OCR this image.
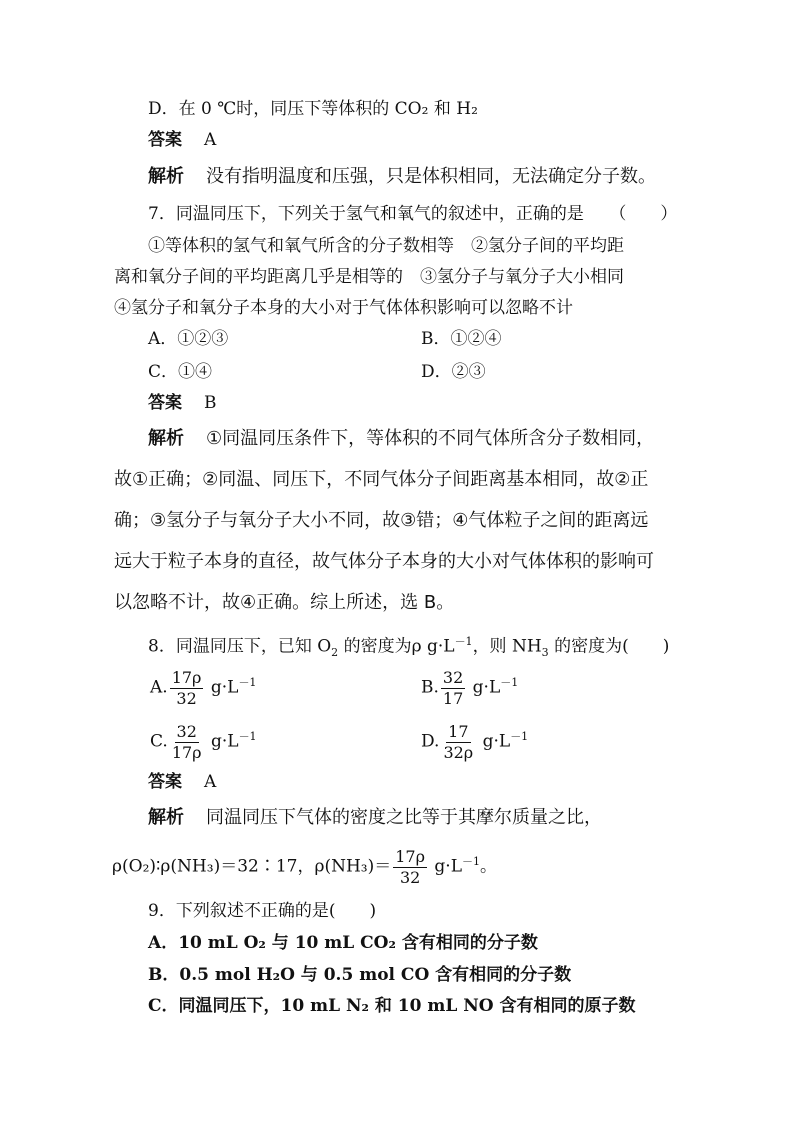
D．在 0 ℃时，同压下等体积的 CO₂ 和 H₂
答案 A
解析 没有指明温度和压强，只是体积相同，无法确定分子数。
7．同温同压下，下列关于氢气和氧气的叙述中，正确的是　　（　　）
①等体积的氢气和氧气所含的分子数相等　②氢分子间的平均距
离和氧分子间的平均距离几乎是相等的　③氢分子与氧分子大小相同
④氢分子和氧分子本身的大小对于气体体积影响可以忽略不计
A．①②③	B．①②④
C．①④	D．②③
答案 B
解析 ①同温同压条件下，等体积的不同气体所含分子数相同，
故①正确；②同温、同压下，不同气体分子间距离基本相同，故②正
确；③氢分子与氧分子大小不同，故③错；④气体粒子之间的距离远
远大于粒子本身的直径，故气体分子本身的大小对气体体积的影响可
以忽略不计，故④正确。综上所述，选 B。
8．同温同压下，已知 $O_2$ 的密度为ρ $g\cdot L^{-1}$，则 $NH_3$ 的密度为(　　)
A. $\frac{17\rho}{32} g\cdot L^{-1}$	B. $\frac{32}{17} g\cdot L^{-1}$
C. $\frac{32}{17\rho} g\cdot L^{-1}$	D. $\frac{17}{32\rho} g\cdot L^{-1}$
答案 A
解析 同温同压下气体的密度之比等于其摩尔质量之比，
ρ(O₂)∶ρ(NH₃)＝32∶17，$\rho(NH_3)= \frac{17\rho}{32} g\cdot L^{-1}$。
9．下列叙述不正确的是(　　)
A．10 mL O₂ 与 10 mL CO₂ 含有相同的分子数
B．0.5 mol H₂O 与 0.5 mol CO 含有相同的分子数
C．同温同压下，10 mL N₂ 和 10 mL NO 含有相同的原子数
